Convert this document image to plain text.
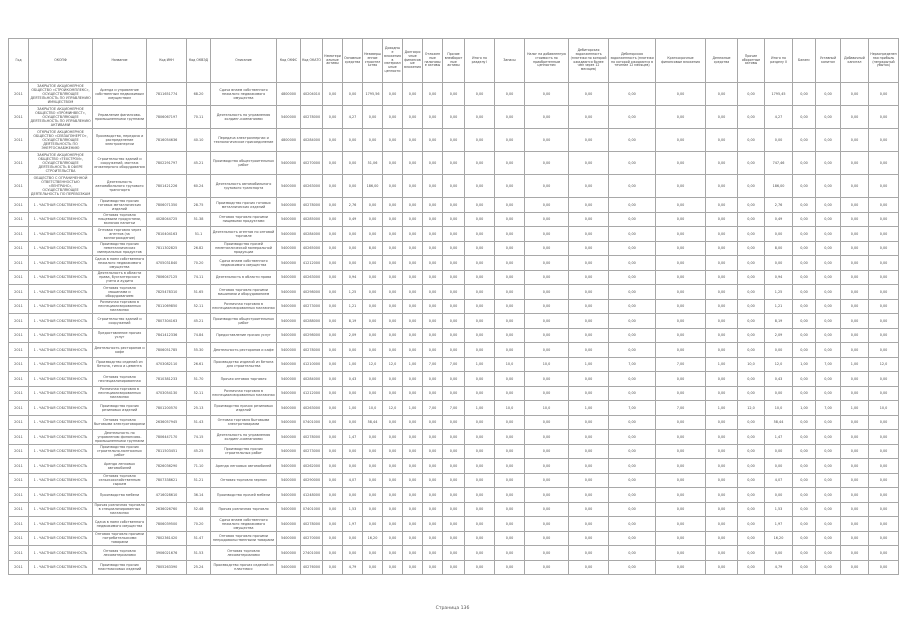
Год	ОКОПФ	Название	Код ИНН	Код ОКВЭД	Описание	Код ОКФС	Код ОКАТО	Нематериальные активы	Основные средства	Незавершенное строительство	Доходные вложения в материальные ценности	Долгосрочные финансовые вложения	Отложенные налоговые активы	Прочие внеоборотные активы	Итого по разделу I	Запасы	Налог на добавленную стоимость по приобретенным ценностям	Дебиторская задолженность (платежи по которой ожидаются более чем через 12 месяцев)	Дебиторская задолженность (платежи по которой ожидаются в течение 12 месяцев)	Краткосрочные финансовые вложения	Денежные средства	Прочие оборотные активы	Итого по разделу II	Баланс	Уставный капитал	Добавочный капитал	Нераспределенная прибыль (непокрытый убыток)

2011	ЗАКРЫТОЕ АКЦИОНЕРНОЕ ОБЩЕСТВО «СТРОЙКОМПЛЕКС», ОСУЩЕСТВЛЯЮЩЕЕ ДЕЯТЕЛЬНОСТЬ ПО УПРАВЛЕНИЮ ИМУЩЕСТВОМ	Аренда и управление собственным недвижимым имуществом	7811651774	68.20	Сдача внаем собственного нежилого недвижимого имущества	4800000	40204010	0,00	0,00	1795,56	0,00	0,00	0,00	0,00	0,00	0,00	0,00	0,00	0,00	0,00	0,00	0,00	1795,45	0,00	0,00	0,00	0,00

2011	ЗАКРЫТОЕ АКЦИОНЕРНОЕ ОБЩЕСТВО «ПРОМИНВЕСТ», ОСУЩЕСТВЛЯЮЩЕЕ ДЕЯТЕЛЬНОСТЬ ПО УПРАВЛЕНИЮ АКТИВАМИ	Управление финансово-промышленными группами	7806067197	70.11	Деятельность по управлению холдинг-компаниями	5400000	40278000	0,00	4,27	0,00	0,00	0,00	0,00	0,00	0,00	0,00	0,00	0,00	0,00	0,00	0,00	0,00	4,27	0,00	0,00	0,00	0,00

2011	ОТКРЫТОЕ АКЦИОНЕРНОЕ ОБЩЕСТВО «СЕВЗАПЭНЕРГО», ОСУЩЕСТВЛЯЮЩЕЕ ДЕЯТЕЛЬНОСТЬ ПО ЭНЕРГОСНАБЖЕНИЮ	Производство, передача и распределение электроэнергии	7816054636	40.10	Передача электроэнергии и технологическое присоединение	4800000	40284000	0,00	0,00	0,00	0,00	0,00	0,00	0,00	0,00	0,00	0,00	0,00	0,00	0,00	0,00	0,00	0,00	0,00	0,00	0,00	0,00

2011	ЗАКРЫТОЕ АКЦИОНЕРНОЕ ОБЩЕСТВО «ТЕХСТРОЙ», ОСУЩЕСТВЛЯЮЩЕЕ ДЕЯТЕЛЬНОСТЬ В СФЕРЕ СТРОИТЕЛЬСТВА	Строительство зданий и сооружений, монтаж инженерного оборудования	7802291797	45.21	Производство общестроительных работ	5400000	40270000	0,00	0,00	51,06	0,00	0,00	0,00	0,00	0,00	0,00	0,00	0,00	0,00	0,00	0,00	0,00	747,46	0,00	0,00	0,00	0,00

2011	ОБЩЕСТВО С ОГРАНИЧЕННОЙ ОТВЕТСТВЕННОСТЬЮ «ЛЕНТРАНС», ОСУЩЕСТВЛЯЮЩЕЕ ДЕЯТЕЛЬНОСТЬ ПО ПЕРЕВОЗКАМ	Деятельность автомобильного грузового транспорта	7801421226	60.24	Деятельность автомобильного грузового транспорта	5400000	40263000	0,00	0,00	186,00	0,00	0,00	0,00	0,00	0,00	0,00	0,00	0,00	0,00	0,00	0,00	0,00	186,00	0,00	0,00	0,00	0,00

2011	1 - ЧАСТНАЯ СОБСТВЕННОСТЬ	Производство прочих готовых металлических изделий	7806071350	28.75	Производство прочих готовых металлических изделий	5400000	40278000	0,00	2,76	0,00	0,00	0,00	0,00	0,00	0,00	0,00	0,00	0,00	0,00	0,00	0,00	0,00	2,76	0,00	0,00	0,00	0,00

2011	1 - ЧАСТНАЯ СОБСТВЕННОСТЬ	Оптовая торговля пищевыми продуктами, включая напитки	4028044725	51.38	Оптовая торговля прочими пищевыми продуктами	5400000	40285000	0,00	0,49	0,00	0,00	0,00	0,00	0,00	0,00	0,00	0,00	0,00	0,00	0,00	0,00	0,00	0,49	0,00	0,00	0,00	0,00

2011	1 - ЧАСТНАЯ СОБСТВЕННОСТЬ	Оптовая торговля через агентов (за вознаграждение)	7810404163	51.1	Деятельность агентов по оптовой торговле	5400000	40284000	0,00	0,00	0,00	0,00	0,00	0,00	0,00	0,00	0,00	0,00	0,00	0,00	0,00	0,00	0,00	0,00	0,00	0,00	0,00	0,00

2011	1 - ЧАСТНАЯ СОБСТВЕННОСТЬ	Производство прочих неметаллических минеральных продуктов	7811302825	26.82	Производство прочей неметаллической минеральной продукции	5400000	40265000	0,00	0,00	8,00	0,00	0,00	0,00	0,00	0,00	0,00	0,00	0,00	0,00	0,00	0,00	0,00	8,00	0,00	0,00	0,00	0,00

2011	1 - ЧАСТНАЯ СОБСТВЕННОСТЬ	Сдача в наем собственного нежилого недвижимого имущества	4705031840	70.20	Сдача внаем собственного недвижимого имущества	5400000	41212000	0,00	0,00	0,00	0,00	0,00	0,00	0,00	0,00	0,00	0,00	0,00	0,00	0,00	0,00	0,00	0,00	0,00	0,00	0,00	0,00

2011	1 - ЧАСТНАЯ СОБСТВЕННОСТЬ	Деятельность в области права, бухгалтерского учета и аудита	7806047125	74.11	Деятельность в области права	5400000	40263000	0,00	0,94	0,00	0,00	0,00	0,00	0,00	0,00	0,00	0,00	0,00	0,00	0,00	0,00	0,00	0,94	0,00	0,00	0,00	0,00

2011	1 - ЧАСТНАЯ СОБСТВЕННОСТЬ	Оптовая торговля машинами и оборудованием	7825478310	51.65	Оптовая торговля прочими машинами и оборудованием	5400000	40298000	0,00	1,25	0,00	0,00	0,00	0,00	0,00	0,00	0,00	0,00	0,00	0,00	0,00	0,00	0,00	1,25	0,00	0,00	0,00	0,00

2011	1 - ЧАСТНАЯ СОБСТВЕННОСТЬ	Розничная торговля в неспециализированных магазинах	7811069850	52.11	Розничная торговля в неспециализированных магазинах	5400000	40273000	0,00	1,21	0,00	0,00	0,00	0,00	0,00	0,00	0,00	0,00	0,00	0,00	0,00	0,00	0,00	1,21	0,00	0,00	0,00	0,00

2011	1 - ЧАСТНАЯ СОБСТВЕННОСТЬ	Строительство зданий и сооружений	7807304163	45.21	Производство общестроительных работ	5400000	40288000	0,00	8,19	0,00	0,00	0,00	0,00	0,00	0,00	0,00	0,00	0,00	0,00	0,00	0,00	0,00	8,19	0,00	0,00	0,00	0,00

2011	1 - ЧАСТНАЯ СОБСТВЕННОСТЬ	Предоставление прочих услуг	7841412336	74.84	Предоставление прочих услуг	5400000	40298000	0,00	2,09	0,00	0,00	0,00	0,00	0,00	0,00	0,00	0,00	0,00	0,00	0,00	0,00	0,00	2,09	0,00	0,00	0,00	0,00

2011	1 - ЧАСТНАЯ СОБСТВЕННОСТЬ	Деятельность ресторанов и кафе	7806051785	55.30	Деятельность ресторанов и кафе	5400000	40278000	0,00	0,00	0,00	0,00	0,00	0,00	0,00	0,00	0,00	0,00	0,00	0,00	0,00	0,00	0,00	0,00	0,00	0,00	0,00	0,00

2011	1 - ЧАСТНАЯ СОБСТВЕННОСТЬ	Производство изделий из бетона, гипса и цемента	4703082110	26.61	Производство изделий из бетона для строительства	5400000	41210000	0,00	1,00	12,0	12,0	1,00	7,00	7,00	1,00	10,0	10,0	1,00	7,00	7,00	1,00	10,0	12,0	1,00	7,00	1,00	12,0

2011	1 - ЧАСТНАЯ СОБСТВЕННОСТЬ	Оптовая торговля неспециализированная	7810381233	51.70	Прочая оптовая торговля	5400000	40284000	0,00	0,43	0,00	0,00	0,00	0,00	0,00	0,00	0,00	0,00	0,00	0,00	0,00	0,00	0,00	0,43	0,00	0,00	0,00	0,00

2011	1 - ЧАСТНАЯ СОБСТВЕННОСТЬ	Розничная торговля в неспециализированных магазинах	4703054130	52.11	Розничная торговля в неспециализированных магазинах	5400000	41212000	0,00	0,00	0,00	0,00	0,00	0,00	0,00	0,00	0,00	0,00	0,00	0,00	0,00	0,00	0,00	0,00	0,00	0,00	0,00	0,00

2011	1 - ЧАСТНАЯ СОБСТВЕННОСТЬ	Производство прочих резиновых изделий	7801200570	25.13	Производство прочих резиновых изделий	5400000	40263000	0,00	1,00	10,0	12,0	1,00	7,00	7,00	1,00	10,0	10,0	1,00	7,00	7,00	1,00	12,0	10,0	1,00	7,00	1,00	10,0

2011	1 - ЧАСТНАЯ СОБСТВЕННОСТЬ	Оптовая торговля бытовыми электротоварами	2636057945	51.43	Оптовая торговля бытовыми электротоварами	5400000	07401000	0,00	0,00	58,44	0,00	0,00	0,00	0,00	0,00	0,00	0,00	0,00	0,00	0,00	0,00	0,00	58,44	0,00	0,00	0,00	0,00

2011	1 - ЧАСТНАЯ СОБСТВЕННОСТЬ	Деятельность по управлению финансово-промышленными группами	7806447170	74.15	Деятельность по управлению холдинг-компаниями	5400000	40278000	0,00	1,47	0,00	0,00	0,00	0,00	0,00	0,00	0,00	0,00	0,00	0,00	0,00	0,00	0,00	1,47	0,00	0,00	0,00	0,00

2011	1 - ЧАСТНАЯ СОБСТВЕННОСТЬ	Производство прочих строительно-монтажных работ	7811503451	45.25	Производство прочих строительных работ	5400000	40273000	0,00	0,00	0,00	0,00	0,00	0,00	0,00	0,00	0,00	0,00	0,00	0,00	0,00	0,00	0,00	0,00	0,00	0,00	0,00	0,00

2011	1 - ЧАСТНАЯ СОБСТВЕННОСТЬ	Аренда легковых автомобилей	7826036290	71.10	Аренда легковых автомобилей	5400000	40262000	0,00	0,00	0,00	0,00	0,00	0,00	0,00	0,00	0,00	0,00	0,00	0,00	0,00	0,00	0,00	0,00	0,00	0,00	0,00	0,00

2011	1 - ЧАСТНАЯ СОБСТВЕННОСТЬ	Оптовая торговля сельскохозяйственным сырьем	7807338621	51.21	Оптовая торговля зерном	5400000	40290000	0,00	4,07	0,00	0,00	0,00	0,00	0,00	0,00	0,00	0,00	0,00	0,00	0,00	0,00	0,00	4,07	0,00	0,00	0,00	0,00

2011	1 - ЧАСТНАЯ СОБСТВЕННОСТЬ	Производство мебели	4716028610	36.14	Производство прочей мебели	5400000	41248000	0,00	0,00	0,00	0,00	0,00	0,00	0,00	0,00	0,00	0,00	0,00	0,00	0,00	0,00	0,00	0,00	0,00	0,00	0,00	0,00

2011	1 - ЧАСТНАЯ СОБСТВЕННОСТЬ	Прочая розничная торговля в специализированных магазинах	2636026760	52.48	Прочая розничная торговля	5400000	07401000	0,00	1,53	0,00	0,00	0,00	0,00	0,00	0,00	0,00	0,00	0,00	0,00	0,00	0,00	0,00	1,53	0,00	0,00	0,00	0,00

2011	1 - ЧАСТНАЯ СОБСТВЕННОСТЬ	Сдача в наем собственного недвижимого имущества	7806039500	70.20	Сдача внаем собственного нежилого недвижимого имущества	5400000	40278000	0,00	1,97	0,00	0,00	0,00	0,00	0,00	0,00	0,00	0,00	0,00	0,00	0,00	0,00	0,00	1,97	0,00	0,00	0,00	0,00

2011	1 - ЧАСТНАЯ СОБСТВЕННОСТЬ	Оптовая торговля прочими потребительскими товарами	7802361420	51.47	Оптовая торговля прочими непродовольственными товарами	5400000	40270000	0,00	0,00	16,20	0,00	0,00	0,00	0,00	0,00	0,00	0,00	0,00	0,00	0,00	0,00	0,00	16,20	0,00	0,00	0,00	0,00

2011	1 - ЧАСТНАЯ СОБСТВЕННОСТЬ	Оптовая торговля лесоматериалами	3906021676	51.53	Оптовая торговля лесоматериалами	5400000	27401000	0,00	0,00	0,00	0,00	0,00	0,00	0,00	0,00	0,00	0,00	0,00	0,00	0,00	0,00	0,00	0,00	0,00	0,00	0,00	0,00

2011	1 - ЧАСТНАЯ СОБСТВЕННОСТЬ	Производство прочих пластмассовых изделий	7805263390	25.24	Производство прочих изделий из пластмасс	5400000	40276000	0,00	4,79	0,00	0,00	0,00	0,00	0,00	0,00	0,00	0,00	0,00	0,00	0,00	0,00	0,00	4,79	0,00	0,00	0,00	0,00
Страница 136
